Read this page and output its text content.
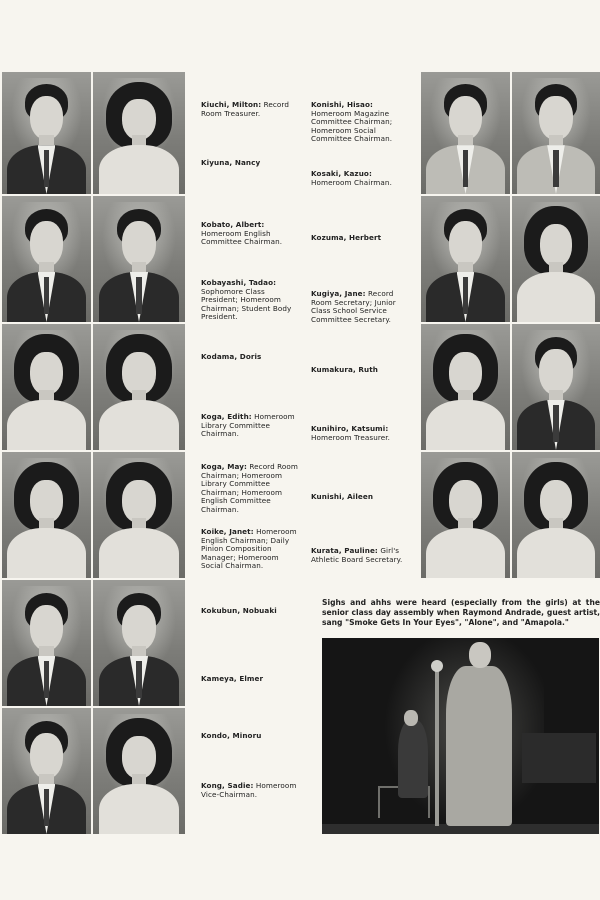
Kiuchi, Milton: Record Room Treasurer.
Kiyuna, Nancy
Kobato, Albert: Homeroom English Committee Chairman.
Kobayashi, Tadao: Sophomore Class President; Homeroom Chairman; Student Body President.
Kodama, Doris
Koga, Edith: Homeroom Library Committee Chairman.
Koga, May: Record Room Chairman; Homeroom Library Committee Chairman; Homeroom English Committee Chairman.
Koike, Janet: Homeroom English Chairman; Daily Pinion Composition Manager; Homeroom Social Chairman.
Kokubun, Nobuaki
Kameya, Elmer
Kondo, Minoru
Kong, Sadie: Homeroom Vice-Chairman.
Konishi, Hisao: Homeroom Magazine Committee Chairman; Homeroom Social Committee Chairman.
Kosaki, Kazuo: Homeroom Chairman.
Kozuma, Herbert
Kugiya, Jane: Record Room Secretary; Junior Class School Service Committee Secretary.
Kumakura, Ruth
Kunihiro, Katsumi: Homeroom Treasurer.
Kunishi, Aileen
Kurata, Pauline: Girl's Athletic Board Secretary.
Sighs and ahhs were heard (especially from the girls) at the senior class day assembly when Raymond Andrade, guest artist, sang "Smoke Gets In Your Eyes", "Alone", and "Amapola."
